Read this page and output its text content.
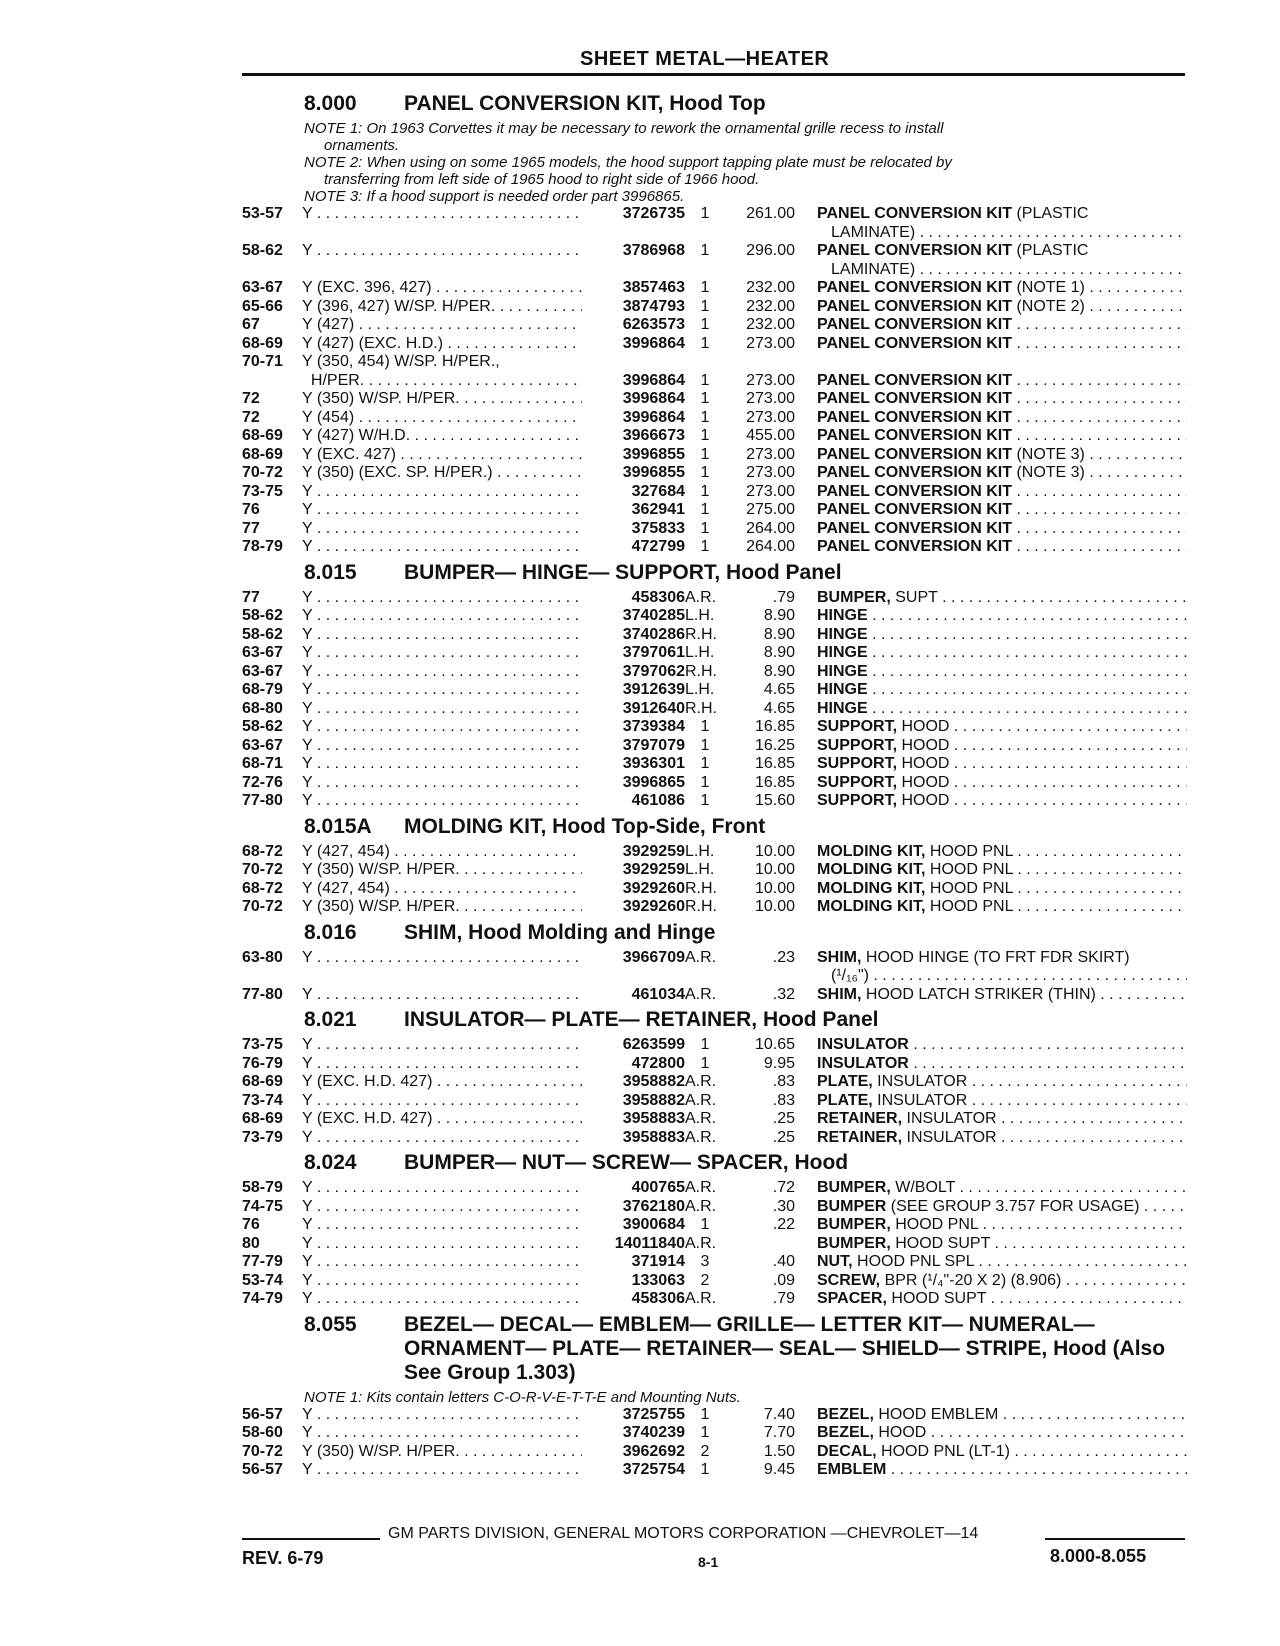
SHEET METAL—HEATER
8.000	PANEL CONVERSION KIT, Hood Top
NOTE 1: On 1963 Corvettes it may be necessary to rework the ornamental grille recess to install
ornaments.
NOTE 2: When using on some 1965 models, the hood support tapping plate must be relocated by
transferring from left side of 1965 hood to right side of 1966 hood.
NOTE 3: If a hood support is needed order part 3996865.
53-57	Y . . .	3726735 1	261.00	PANEL CONVERSION KIT (PLASTIC
LAMINATE) . . .
58-62	Y . . .	3786968 1	296.00	PANEL CONVERSION KIT (PLASTIC
LAMINATE) . . .
63-67	Y (EXC. 396, 427) . . .	3857463 1	232.00	PANEL CONVERSION KIT (NOTE 1) . . .
65-66	Y (396, 427) W/SP. H/PER. . . .	3874793 1	232.00	PANEL CONVERSION KIT (NOTE 2) . . .
67	Y (427) . . .	6263573 1	232.00	PANEL CONVERSION KIT . . .
68-69	Y (427) (EXC. H.D.) . . .	3996864 1	273.00	PANEL CONVERSION KIT . . .
70-71	Y (350, 454) W/SP. H/PER.,
H/PER. . . .	3996864 1	273.00	PANEL CONVERSION KIT . . .
72	Y (350) W/SP. H/PER. . . .	3996864 1	273.00	PANEL CONVERSION KIT . . .
72	Y (454) . . .	3996864 1	273.00	PANEL CONVERSION KIT . . .
68-69	Y (427) W/H.D. . . .	3966673 1	455.00	PANEL CONVERSION KIT . . .
68-69	Y (EXC. 427) . . .	3996855 1	273.00	PANEL CONVERSION KIT (NOTE 3) . . .
70-72	Y (350) (EXC. SP. H/PER.) . . .	3996855 1	273.00	PANEL CONVERSION KIT (NOTE 3) . . .
73-75	Y . . .	327684 1	273.00	PANEL CONVERSION KIT . . .
76	Y . . .	362941 1	275.00	PANEL CONVERSION KIT . . .
77	Y . . .	375833 1	264.00	PANEL CONVERSION KIT . . .
78-79	Y . . .	472799 1	264.00	PANEL CONVERSION KIT . . .
8.015	BUMPER— HINGE— SUPPORT, Hood Panel
77	Y . . .	458306 A.R.	.79	BUMPER, SUPT . . .
58-62	Y . . .	3740285 L.H.	8.90	HINGE . . .
58-62	Y . . .	3740286 R.H.	8.90	HINGE . . .
63-67	Y . . .	3797061 L.H.	8.90	HINGE . . .
63-67	Y . . .	3797062 R.H.	8.90	HINGE . . .
68-79	Y . . .	3912639 L.H.	4.65	HINGE . . .
68-80	Y . . .	3912640 R.H.	4.65	HINGE . . .
58-62	Y . . .	3739384 1	16.85	SUPPORT, HOOD . . .
63-67	Y . . .	3797079 1	16.25	SUPPORT, HOOD . . .
68-71	Y . . .	3936301 1	16.85	SUPPORT, HOOD . . .
72-76	Y . . .	3996865 1	16.85	SUPPORT, HOOD . . .
77-80	Y . . .	461086 1	15.60	SUPPORT, HOOD . . .
8.015A	MOLDING KIT, Hood Top-Side, Front
68-72	Y (427, 454) . . .	3929259 L.H.	10.00	MOLDING KIT, HOOD PNL . . .
70-72	Y (350) W/SP. H/PER. . . .	3929259 L.H.	10.00	MOLDING KIT, HOOD PNL . . .
68-72	Y (427, 454) . . .	3929260 R.H.	10.00	MOLDING KIT, HOOD PNL . . .
70-72	Y (350) W/SP. H/PER. . . .	3929260 R.H.	10.00	MOLDING KIT, HOOD PNL . . .
8.016	SHIM, Hood Molding and Hinge
63-80	Y . . .	3966709 A.R.	.23	SHIM, HOOD HINGE (TO FRT FDR SKIRT)
(¹/₁₆") . . .
77-80	Y . . .	461034 A.R.	.32	SHIM, HOOD LATCH STRIKER (THIN) . . .
8.021	INSULATOR— PLATE— RETAINER, Hood Panel
73-75	Y . . .	6263599 1	10.65	INSULATOR . . .
76-79	Y . . .	472800 1	9.95	INSULATOR . . .
68-69	Y (EXC. H.D. 427) . . .	3958882 A.R.	.83	PLATE, INSULATOR . . .
73-74	Y . . .	3958882 A.R.	.83	PLATE, INSULATOR . . .
68-69	Y (EXC. H.D. 427) . . .	3958883 A.R.	.25	RETAINER, INSULATOR . . .
73-79	Y . . .	3958883 A.R.	.25	RETAINER, INSULATOR . . .
8.024	BUMPER— NUT— SCREW— SPACER, Hood
58-79	Y . . .	400765 A.R.	.72	BUMPER, W/BOLT . . .
74-75	Y . . .	3762180 A.R.	.30	BUMPER (SEE GROUP 3.757 FOR USAGE) . . .
76	Y . . .	3900684 1	.22	BUMPER, HOOD PNL . . .
80	Y . . .	14011840 A.R.	BUMPER, HOOD SUPT . . .
77-79	Y . . .	371914 3	.40	NUT, HOOD PNL SPL . . .
53-74	Y . . .	133063 2	.09	SCREW, BPR (¹/₄"-20 X 2) (8.906) . . .
74-79	Y . . .	458306 A.R.	.79	SPACER, HOOD SUPT . . .
8.055	BEZEL— DECAL— EMBLEM— GRILLE— LETTER KIT— NUMERAL— ORNAMENT— PLATE— RETAINER— SEAL— SHIELD— STRIPE, Hood (Also See Group 1.303)
NOTE 1: Kits contain letters C-O-R-V-E-T-T-E and Mounting Nuts.
56-57	Y . . .	3725755 1	7.40	BEZEL, HOOD EMBLEM . . .
58-60	Y . . .	3740239 1	7.70	BEZEL, HOOD . . .
70-72	Y (350) W/SP. H/PER. . . .	3962692 2	1.50	DECAL, HOOD PNL (LT-1) . . .
56-57	Y . . .	3725754 1	9.45	EMBLEM . . .
GM PARTS DIVISION, GENERAL MOTORS CORPORATION —CHEVROLET—14
REV. 6-79	8-1	8.000-8.055
